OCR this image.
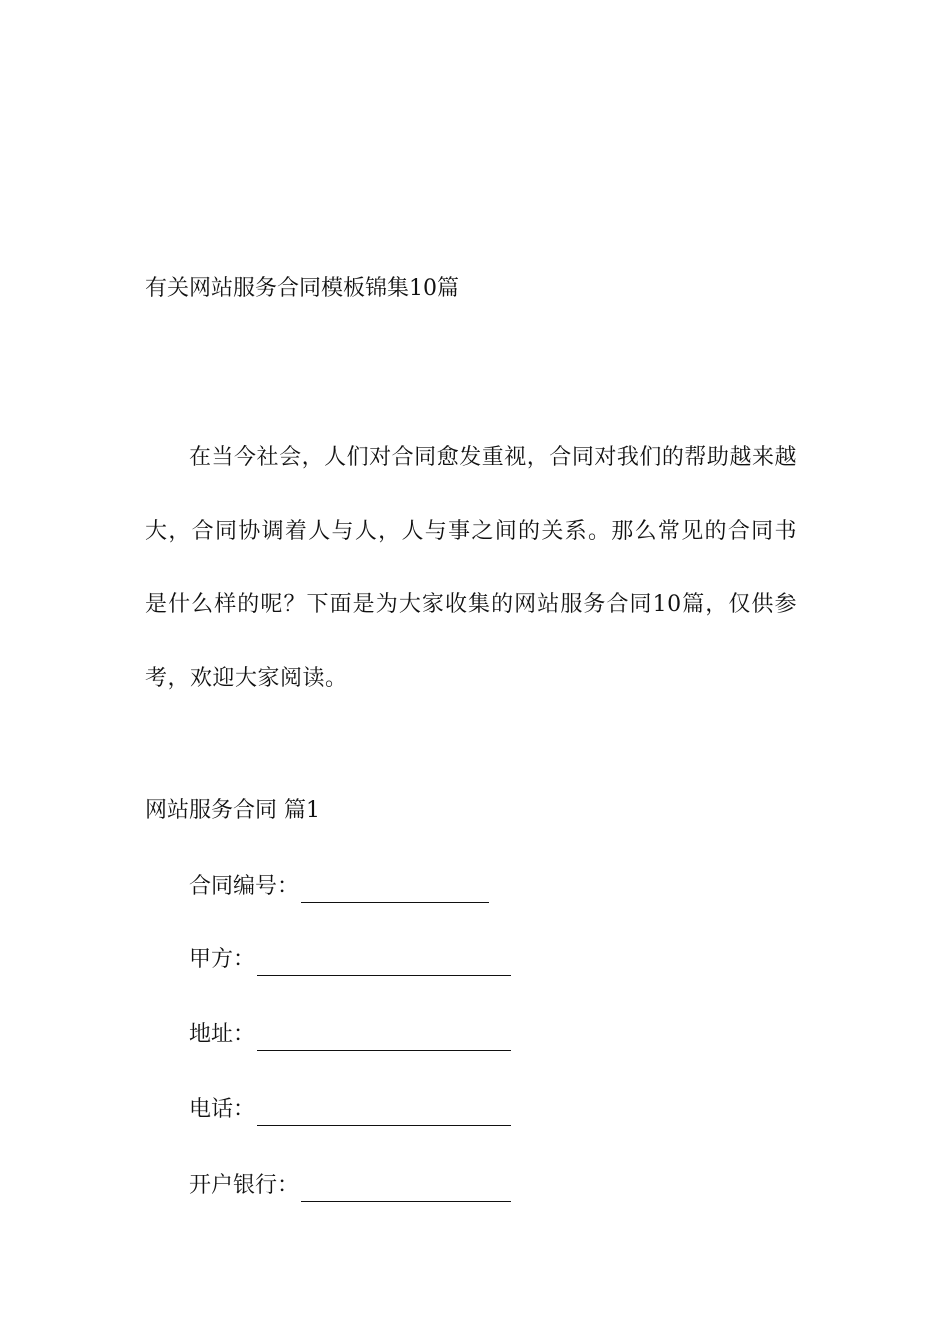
有关网站服务合同模板锦集10篇

在当今社会，人们对合同愈发重视，合同对我们的帮助越来越大，合同协调着人与人，人与事之间的关系。那么常见的合同书是什么样的呢？下面是为大家收集的网站服务合同10篇，仅供参考，欢迎大家阅读。

网站服务合同 篇1
合同编号：
甲方：
地址：
电话：
开户银行：
